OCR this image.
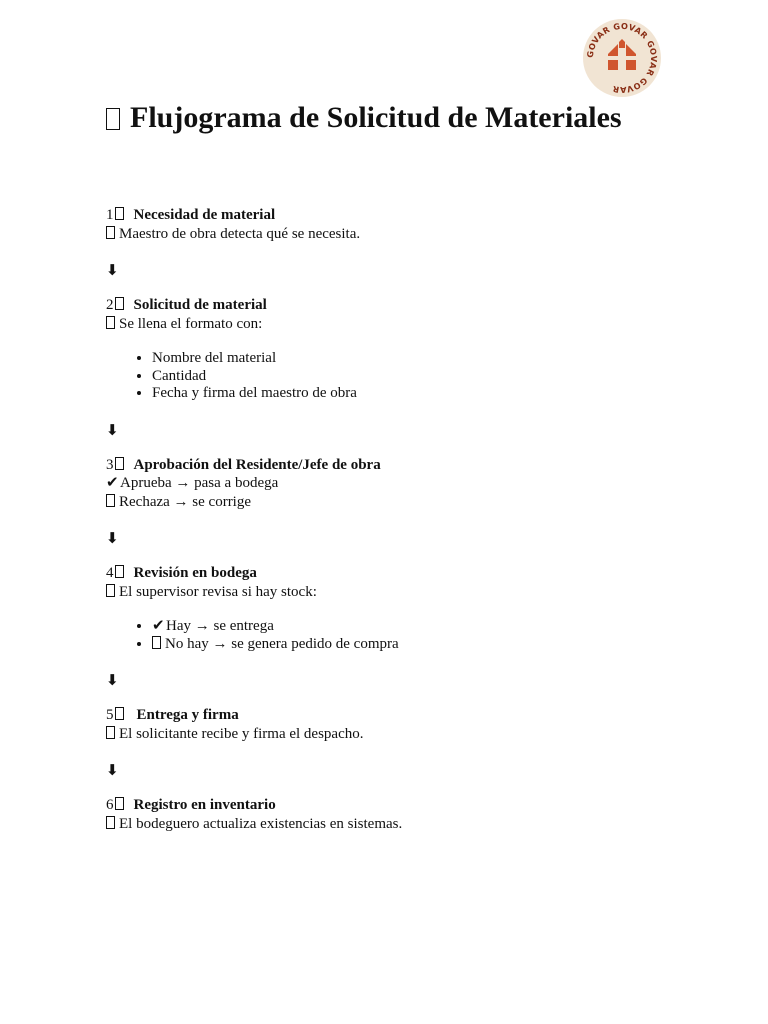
GOVAR GOVAR GOVAR GOVAR
Flujograma de Solicitud de Materiales
1 Necesidad de material
Maestro de obra detecta qué se necesita.
⬇
2 Solicitud de material
Se llena el formato con:
• Nombre del material
• Cantidad
• Fecha y firma del maestro de obra
⬇
3 Aprobación del Residente/Jefe de obra
✔Aprueba → pasa a bodega
Rechaza → se corrige
⬇
4 Revisión en bodega
El supervisor revisa si hay stock:
• ✔Hay → se entrega
• No hay → se genera pedido de compra
⬇
5 Entrega y firma
El solicitante recibe y firma el despacho.
⬇
6 Registro en inventario
El bodeguero actualiza existencias en sistemas.
